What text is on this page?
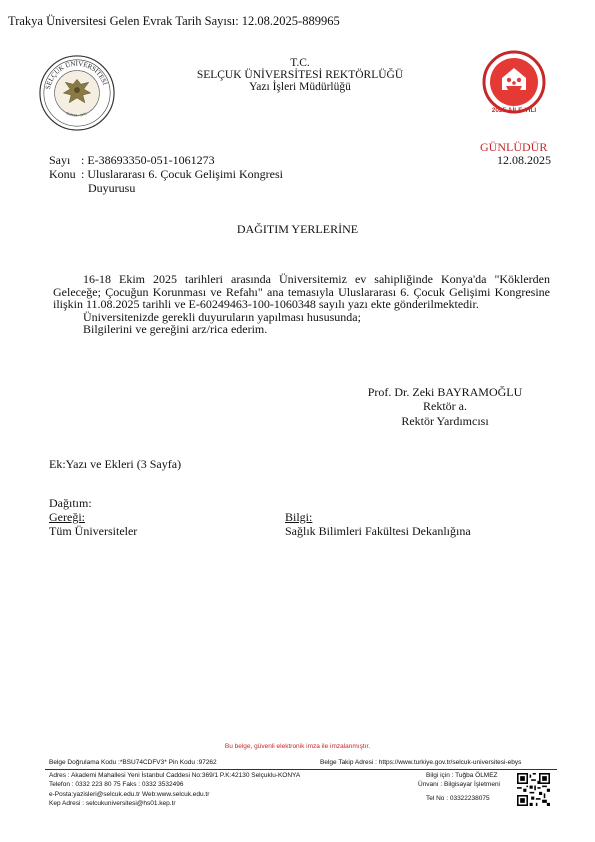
Trakya Üniversitesi Gelen Evrak Tarih Sayısı: 12.08.2025-889965
SELÇUK ÜNİVERSİTESİ
KONYA - 1975
T.C.
SELÇUK ÜNİVERSİTESİ REKTÖRLÜĞÜ
Yazı İşleri Müdürlüğü
2025 AİLE YILI
GÜNLÜDÜR
12.08.2025
Sayı : E-38693350-051-1061273
Konu : Uluslararası 6. Çocuk Gelişimi Kongresi
Duyurusu
DAĞITIM YERLERİNE

16-18 Ekim 2025 tarihleri arasında Üniversitemiz ev sahipliğinde Konya'da "Köklerden Geleceğe; Çocuğun Korunması ve Refahı" ana temasıyla Uluslararası 6. Çocuk Gelişimi Kongresine ilişkin 11.08.2025 tarihli ve E-60249463-100-1060348 sayılı yazı ekte gönderilmektedir.

Üniversitenizde gerekli duyuruların yapılması hususunda;

Bilgilerini ve gereğini arz/rica ederim.

Prof. Dr. Zeki BAYRAMOĞLU
Rektör a.
Rektör Yardımcısı
Ek:Yazı ve Ekleri (3 Sayfa)
Dağıtım:
Gereği:
Tüm Üniversiteler
Bilgi:
Sağlık Bilimleri Fakültesi Dekanlığına
Bu belge, güvenli elektronik imza ile imzalanmıştır.
Belge Doğrulama Kodu :*BSU74CDFV3* Pin Kodu :97262	Belge Takip Adresi : https://www.turkiye.gov.tr/selcuk-universitesi-ebys
Adres : Akademi Mahallesi Yeni İstanbul Caddesi No:369/1 P.K:42130 Selçuklu-KONYA
Telefon : 0332 223 80 75 Faks : 0332 3532496
e-Posta:yazisleri@selcuk.edu.tr Web:www.selcuk.edu.tr
Kep Adresi : selcukuniversitesi@hs01.kep.tr
Bilgi için : Tuğba ÖLMEZ
Ünvanı : Bilgisayar İşletmeni
Tel No : 03322238075
